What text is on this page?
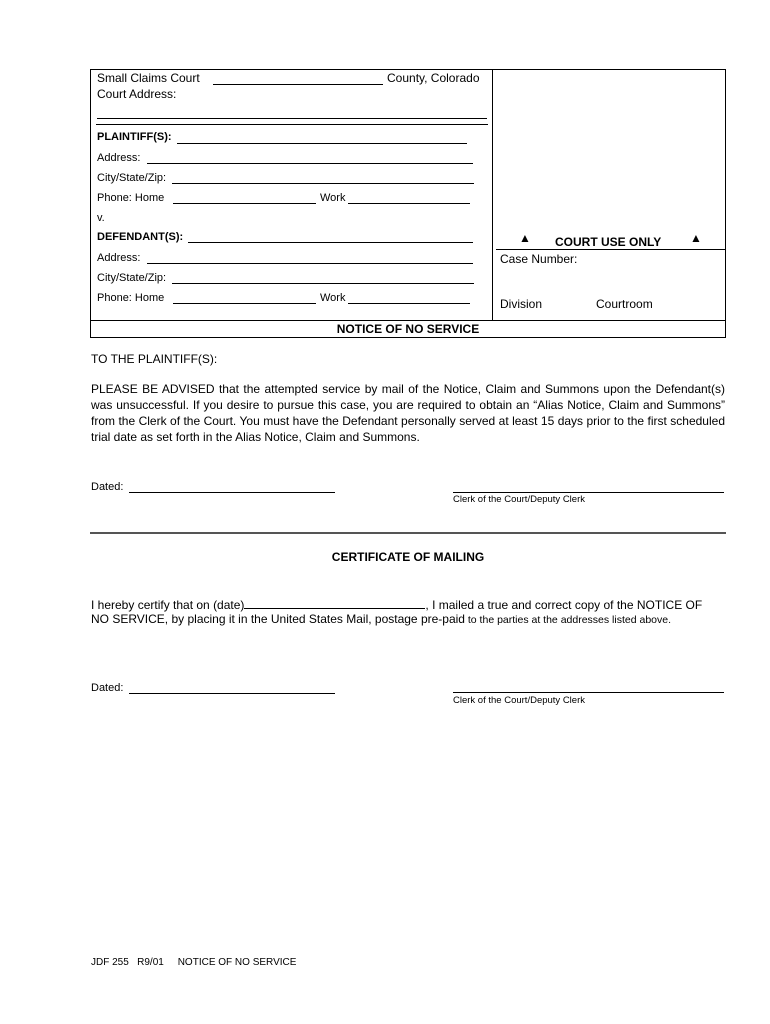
Small Claims Court	County, Colorado
Court Address:
PLAINTIFF(S):
Address:
City/State/Zip:
Phone: Home	Work
v.
DEFENDANT(S):
Address:
City/State/Zip:
Phone: Home	Work
▲ COURT USE ONLY ▲
Case Number:
Division	Courtroom
NOTICE OF NO SERVICE
TO THE PLAINTIFF(S):
PLEASE BE ADVISED that the attempted service by mail of the Notice, Claim and Summons upon the Defendant(s) was unsuccessful. If you desire to pursue this case, you are required to obtain an “Alias Notice, Claim and Summons” from the Clerk of the Court. You must have the Defendant personally served at least 15 days prior to the first scheduled trial date as set forth in the Alias Notice, Claim and Summons.
Dated:
Clerk of the Court/Deputy Clerk
CERTIFICATE OF MAILING
I hereby certify that on (date)	, I mailed a true and correct copy of the NOTICE OF
NO SERVICE, by placing it in the United States Mail, postage pre-paid to the parties at the addresses listed above.
Dated:
Clerk of the Court/Deputy Clerk
JDF 255   R9/01     NOTICE OF NO SERVICE
